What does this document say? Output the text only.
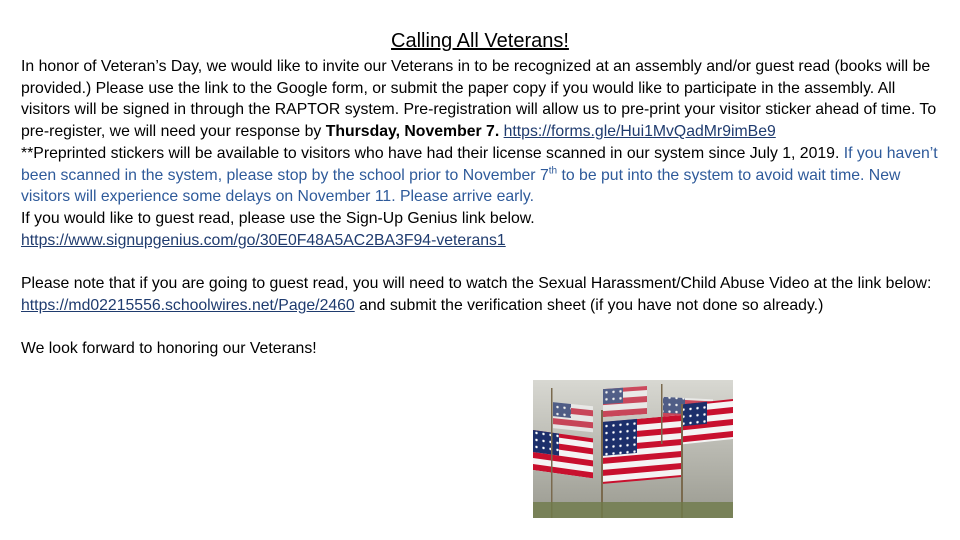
Calling All Veterans!

In honor of Veteran’s Day, we would like to invite our Veterans in to be recognized at an assembly and/or guest read (books will be provided.) Please use the link to the Google form, or submit the paper copy if you would like to participate in the assembly. All visitors will be signed in through the RAPTOR system. Pre-registration will allow us to pre-print your visitor sticker ahead of time. To pre-register, we will need your response by Thursday, November 7. https://forms.gle/Hui1MvQadMr9imBe9

**Preprinted stickers will be available to visitors who have had their license scanned in our system since July 1, 2019. If you haven’t been scanned in the system, please stop by the school prior to November 7th to be put into the system to avoid wait time. New visitors will experience some delays on November 11. Please arrive early.

If you would like to guest read, please use the Sign-Up Genius link below.

https://www.signupgenius.com/go/30E0F48A5AC2BA3F94-veterans1

Please note that if you are going to guest read, you will need to watch the Sexual Harassment/Child Abuse Video at the link below:

https://md02215556.schoolwires.net/Page/2460 and submit the verification sheet (if you have not done so already.)

We look forward to honoring our Veterans!
